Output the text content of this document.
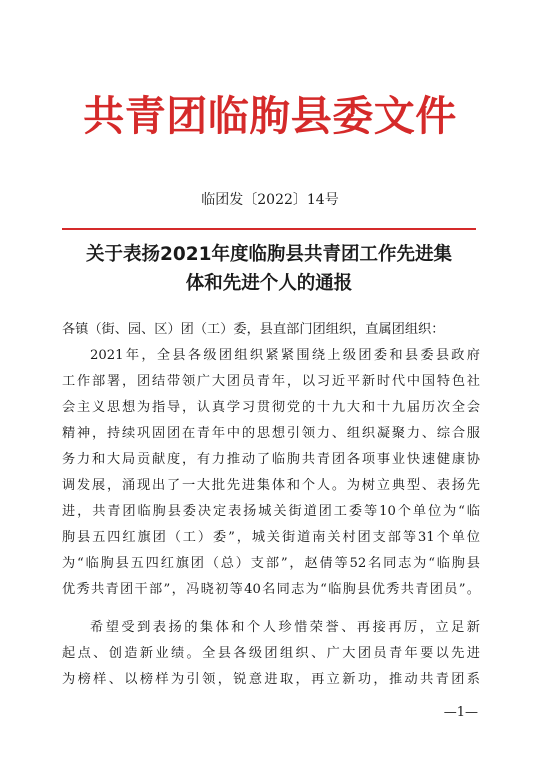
共青团临朐县委文件
临团发〔2022〕14号
关于表扬2021年度临朐县共青团工作先进集
体和先进个人的通报
各镇（街、园、区）团（工）委，县直部门团组织，直属团组织：
2021年，全县各级团组织紧紧围绕上级团委和县委县政府
工作部署，团结带领广大团员青年，以习近平新时代中国特色社
会主义思想为指导，认真学习贯彻党的十九大和十九届历次全会
精神，持续巩固团在青年中的思想引领力、组织凝聚力、综合服
务力和大局贡献度，有力推动了临朐共青团各项事业快速健康协
调发展，涌现出了一大批先进集体和个人。为树立典型、表扬先
进，共青团临朐县委决定表扬城关街道团工委等10个单位为“临
朐县五四红旗团（工）委”，城关街道南关村团支部等31个单位
为“临朐县五四红旗团（总）支部”，赵倩等52名同志为“临朐县
优秀共青团干部”，冯晓初等40名同志为“临朐县优秀共青团员”。
希望受到表扬的集体和个人珍惜荣誉、再接再厉，立足新
起点、创造新业绩。全县各级团组织、广大团员青年要以先进
为榜样、以榜样为引领，锐意进取，再立新功，推动共青团系
—1—
